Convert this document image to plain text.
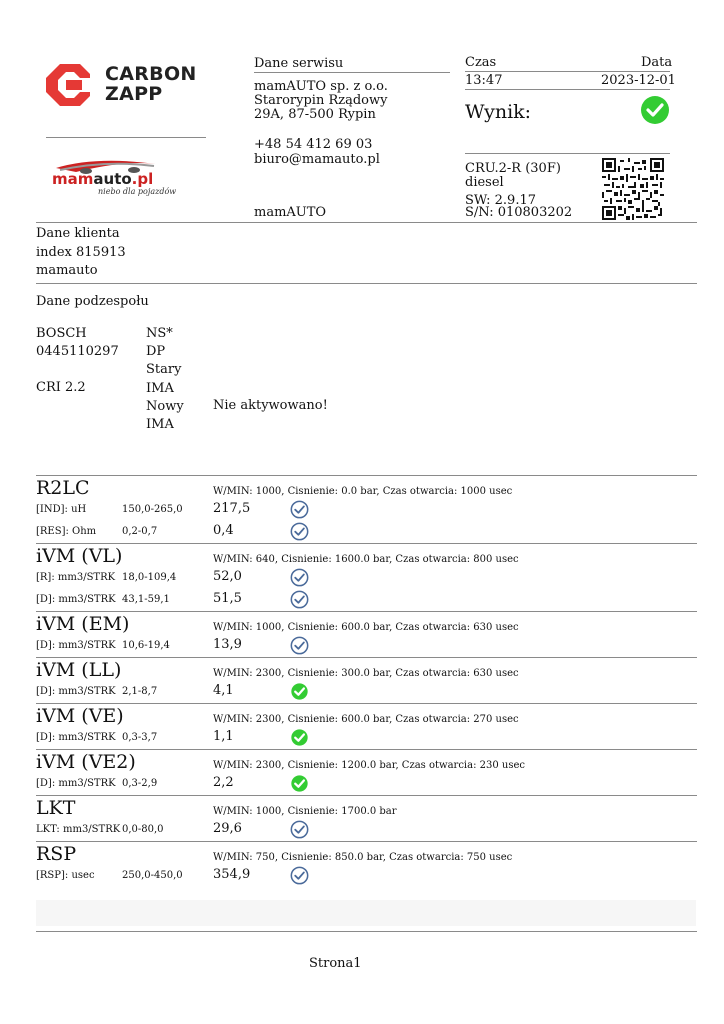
CARBON
ZAPP
mamauto.pl
niebo dla pojazdów
Dane serwisu
mamAUTO sp. z o.o.
Starorypin Rządowy
29A, 87-500 Rypin
+48 54 412 69 03
biuro@mamauto.pl
mamAUTO
Czas	Data
13:47	2023-12-01
Wynik:
CRU.2-R (30F)
diesel
SW: 2.9.17
S/N: 010803202
Dane klienta
index 815913
mamauto
Dane podzespołu
BOSCH
0445110297
CRI 2.2
NS*
DP
Stary
IMA
Nowy
IMA
Nie aktywowano!
R2LC	W/MIN: 1000, Cisnienie: 0.0 bar, Czas otwarcia: 1000 usec
[IND]: uH	150,0-265,0 217,5
[RES]: Ohm	0,2-0,7	0,4
iVM (VL)	W/MIN: 640, Cisnienie: 1600.0 bar, Czas otwarcia: 800 usec
[R]: mm3/STRK 18,0-109,4	52,0
[D]: mm3/STRK 43,1-59,1	51,5
iVM (EM)	W/MIN: 1000, Cisnienie: 600.0 bar, Czas otwarcia: 630 usec
[D]: mm3/STRK 10,6-19,4	13,9
iVM (LL)	W/MIN: 2300, Cisnienie: 300.0 bar, Czas otwarcia: 630 usec
[D]: mm3/STRK 2,1-8,7	4,1
iVM (VE)	W/MIN: 2300, Cisnienie: 600.0 bar, Czas otwarcia: 270 usec
[D]: mm3/STRK 0,3-3,7	1,1
iVM (VE2)	W/MIN: 2300, Cisnienie: 1200.0 bar, Czas otwarcia: 230 usec
[D]: mm3/STRK 0,3-2,9	2,2
LKT	W/MIN: 1000, Cisnienie: 1700.0 bar
LKT: mm3/STRK 0,0-80,0	29,6
RSP	W/MIN: 750, Cisnienie: 850.0 bar, Czas otwarcia: 750 usec
[RSP]: usec	250,0-450,0 354,9
Strona1
